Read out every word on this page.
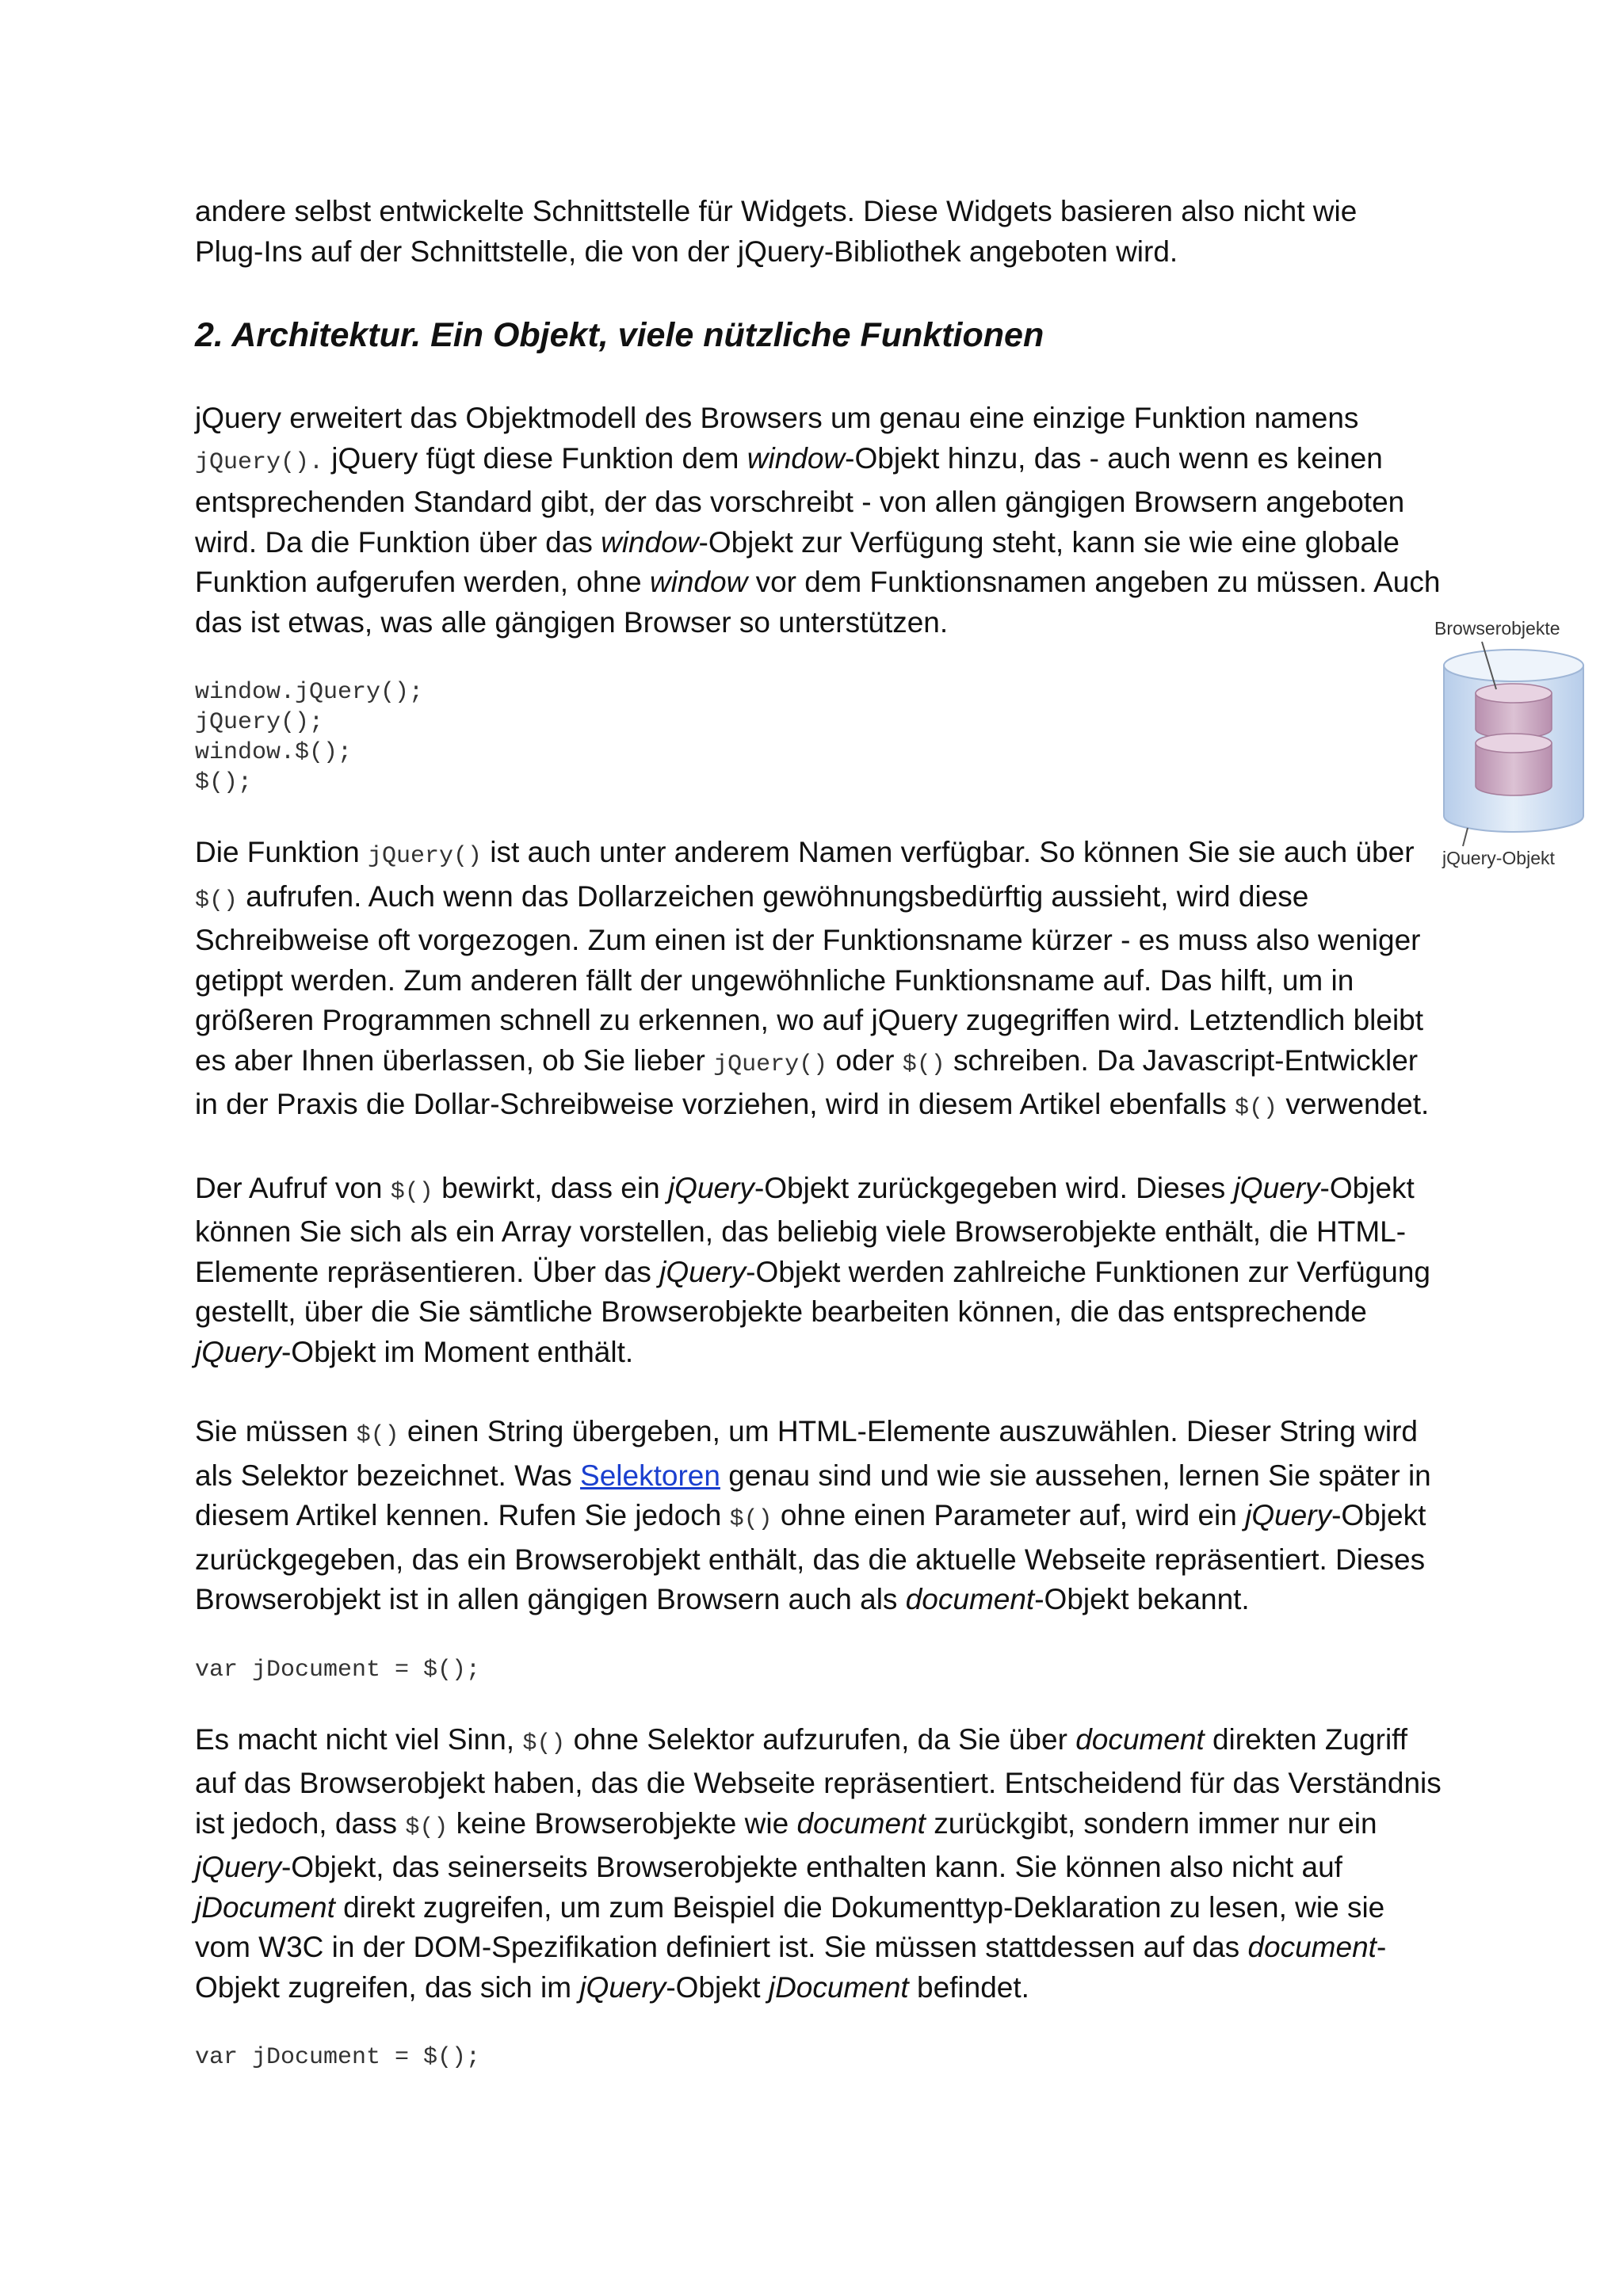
andere selbst entwickelte Schnittstelle für Widgets. Diese Widgets basieren also nicht wie
Plug-Ins auf der Schnittstelle, die von der jQuery-Bibliothek angeboten wird.

2. Architektur. Ein Objekt, viele nützliche Funktionen

jQuery erweitert das Objektmodell des Browsers um genau eine einzige Funktion namens
jQuery(). jQuery fügt diese Funktion dem window-Objekt hinzu, das - auch wenn es keinen entsprechenden Standard gibt, der das vorschreibt - von allen gängigen Browsern angeboten wird. Da die Funktion über das window-Objekt zur Verfügung steht, kann sie wie eine globale Funktion aufgerufen werden, ohne window vor dem Funktionsnamen angeben zu müssen. Auch das ist etwas, was alle gängigen Browser so unterstützen.

window.jQuery();
jQuery();
window.$();
$();

Die Funktion jQuery() ist auch unter anderem Namen verfügbar. So können Sie sie auch über $() aufrufen. Auch wenn das Dollarzeichen gewöhnungsbedürftig aussieht, wird diese Schreibweise oft vorgezogen. Zum einen ist der Funktionsname kürzer - es muss also weniger getippt werden. Zum anderen fällt der ungewöhnliche Funktionsname auf. Das hilft, um in größeren Programmen schnell zu erkennen, wo auf jQuery zugegriffen wird. Letztendlich bleibt es aber Ihnen überlassen, ob Sie lieber jQuery() oder $() schreiben. Da Javascript-Entwickler in der Praxis die Dollar-Schreibweise vorziehen, wird in diesem Artikel ebenfalls $() verwendet.

Der Aufruf von $() bewirkt, dass ein jQuery-Objekt zurückgegeben wird. Dieses jQuery-Objekt können Sie sich als ein Array vorstellen, das beliebig viele Browserobjekte enthält, die HTML-Elemente repräsentieren. Über das jQuery-Objekt werden zahlreiche Funktionen zur Verfügung gestellt, über die Sie sämtliche Browserobjekte bearbeiten können, die das entsprechende jQuery-Objekt im Moment enthält.

Sie müssen $() einen String übergeben, um HTML-Elemente auszuwählen. Dieser String wird als Selektor bezeichnet. Was Selektoren genau sind und wie sie aussehen, lernen Sie später in diesem Artikel kennen. Rufen Sie jedoch $() ohne einen Parameter auf, wird ein jQuery-Objekt zurückgegeben, das ein Browserobjekt enthält, das die aktuelle Webseite repräsentiert. Dieses Browserobjekt ist in allen gängigen Browsern auch als document-Objekt bekannt.

var jDocument = $();

Es macht nicht viel Sinn, $() ohne Selektor aufzurufen, da Sie über document direkten Zugriff auf das Browserobjekt haben, das die Webseite repräsentiert. Entscheidend für das Verständnis ist jedoch, dass $() keine Browserobjekte wie document zurückgibt, sondern immer nur ein jQuery-Objekt, das seinerseits Browserobjekte enthalten kann. Sie können also nicht auf jDocument direkt zugreifen, um zum Beispiel die Dokumenttyp-Deklaration zu lesen, wie sie vom W3C in der DOM-Spezifikation definiert ist. Sie müssen stattdessen auf das document-Objekt zugreifen, das sich im jQuery-Objekt jDocument befindet.

var jDocument = $();
Browserobjekte
jQuery-Objekt
